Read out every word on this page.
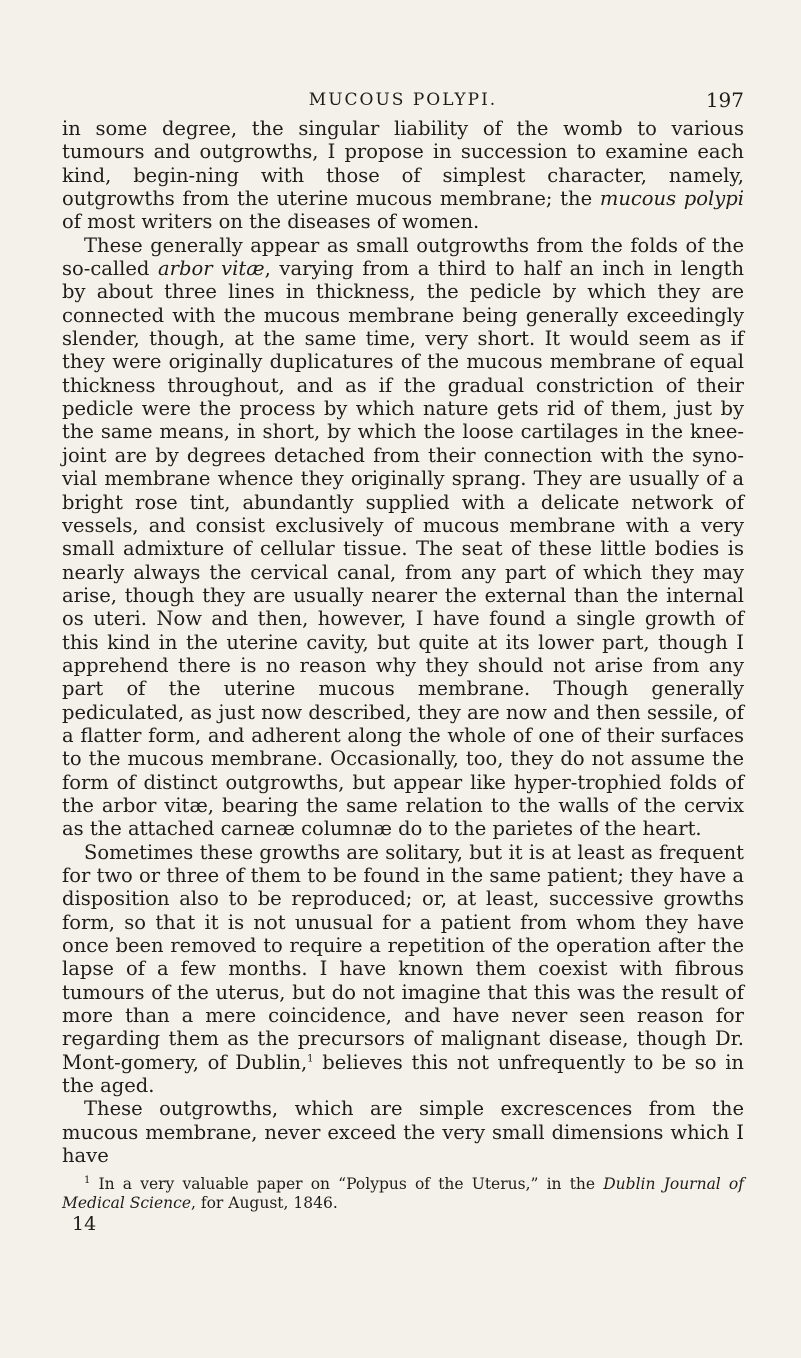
MUCOUS POLYPI.	197

in some degree, the singular liability of the womb to various tumours and outgrowths, I propose in succession to examine each kind, begin-ning with those of simplest character, namely, outgrowths from the uterine mucous membrane; the mucous polypi of most writers on the diseases of women.

These generally appear as small outgrowths from the folds of the so-called arbor vitæ, varying from a third to half an inch in length by about three lines in thickness, the pedicle by which they are connected with the mucous membrane being generally exceedingly slender, though, at the same time, very short. It would seem as if they were originally duplicatures of the mucous membrane of equal thickness throughout, and as if the gradual constriction of their pedicle were the process by which nature gets rid of them, just by the same means, in short, by which the loose cartilages in the knee-joint are by degrees detached from their connection with the syno-vial membrane whence they originally sprang. They are usually of a bright rose tint, abundantly supplied with a delicate network of vessels, and consist exclusively of mucous membrane with a very small admixture of cellular tissue. The seat of these little bodies is nearly always the cervical canal, from any part of which they may arise, though they are usually nearer the external than the internal os uteri. Now and then, however, I have found a single growth of this kind in the uterine cavity, but quite at its lower part, though I apprehend there is no reason why they should not arise from any part of the uterine mucous membrane. Though generally pediculated, as just now described, they are now and then sessile, of a flatter form, and adherent along the whole of one of their surfaces to the mucous membrane. Occasionally, too, they do not assume the form of distinct outgrowths, but appear like hyper-trophied folds of the arbor vitæ, bearing the same relation to the walls of the cervix as the attached carneæ columnæ do to the parietes of the heart.

Sometimes these growths are solitary, but it is at least as frequent for two or three of them to be found in the same patient; they have a disposition also to be reproduced; or, at least, successive growths form, so that it is not unusual for a patient from whom they have once been removed to require a repetition of the operation after the lapse of a few months. I have known them coexist with fibrous tumours of the uterus, but do not imagine that this was the result of more than a mere coincidence, and have never seen reason for regarding them as the precursors of malignant disease, though Dr. Mont-gomery, of Dublin,$^1$ believes this not unfrequently to be so in the aged.

These outgrowths, which are simple excrescences from the mucous membrane, never exceed the very small dimensions which I have

$^1$ In a very valuable paper on “Polypus of the Uterus,” in the Dublin Journal of Medical Science, for August, 1846.

14
